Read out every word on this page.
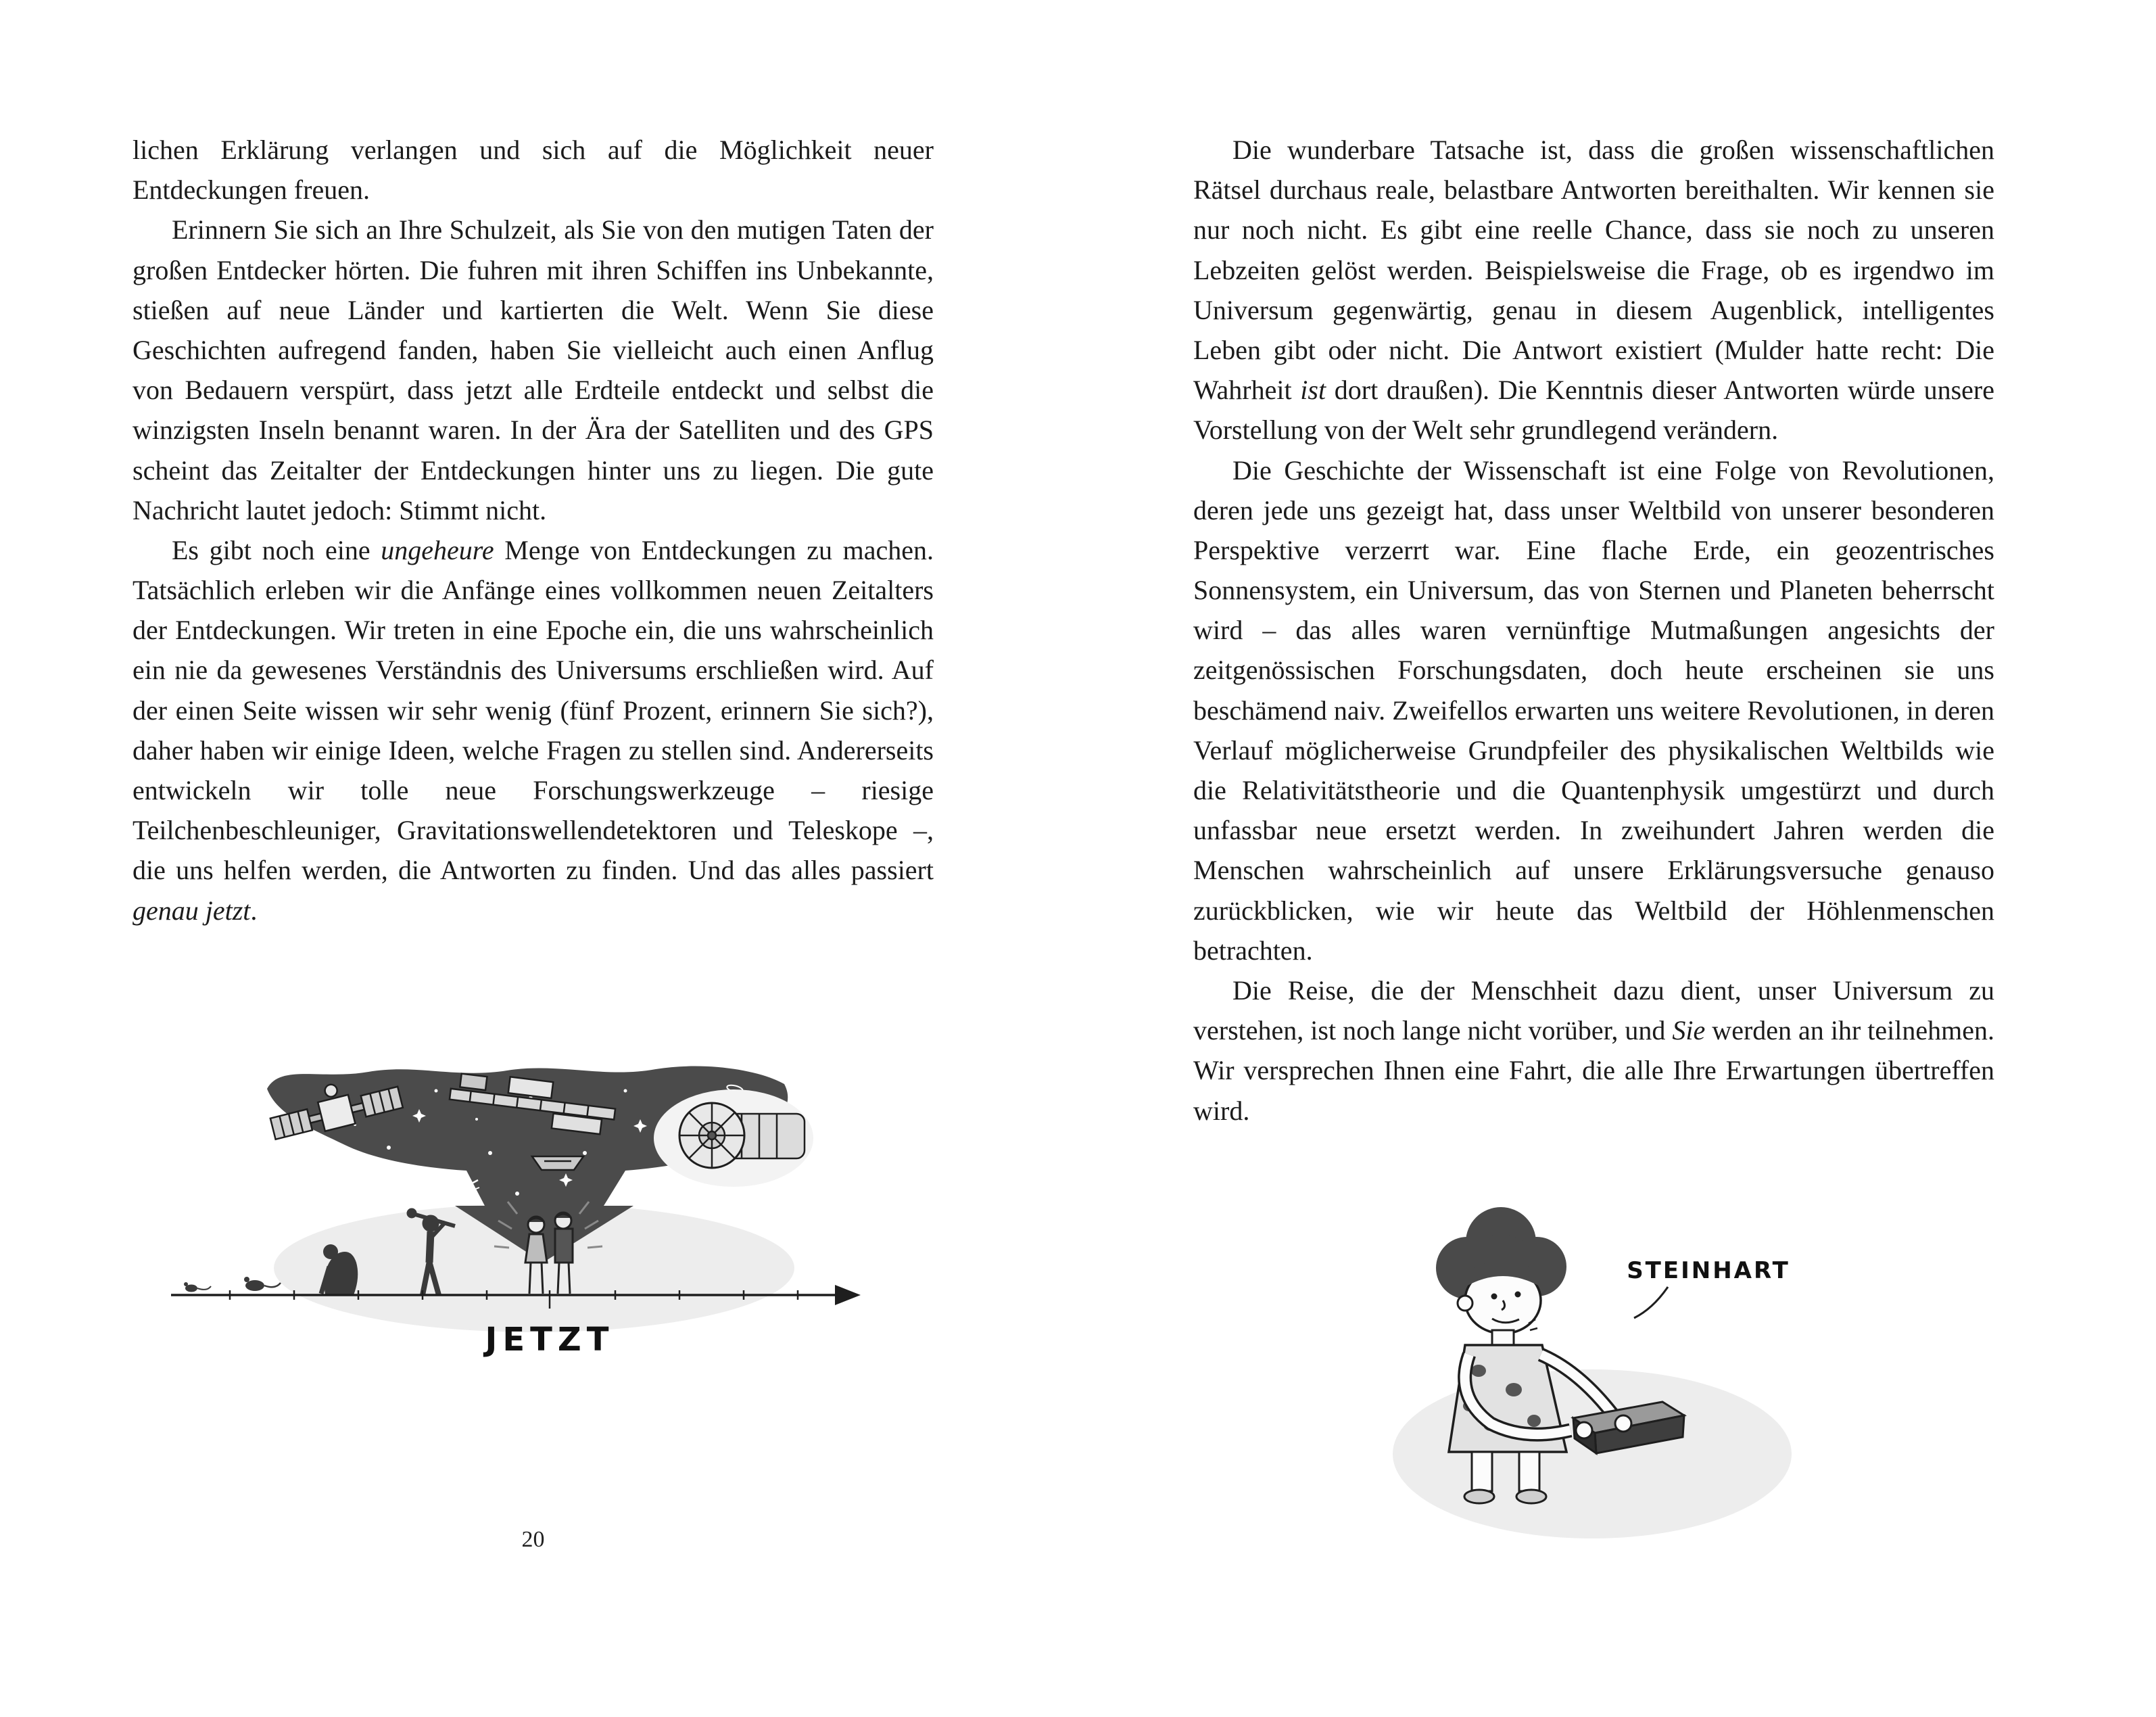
lichen Erklärung verlangen und sich auf die Möglichkeit neuer Entdeckungen freuen.

Erinnern Sie sich an Ihre Schulzeit, als Sie von den mutigen Taten der großen Entdecker hörten. Die fuhren mit ihren Schiffen ins Unbekannte, stießen auf neue Länder und kartierten die Welt. Wenn Sie diese Geschichten aufregend fanden, haben Sie vielleicht auch einen Anflug von Bedauern verspürt, dass jetzt alle Erdteile entdeckt und selbst die winzigsten Inseln benannt waren. In der Ära der Satelliten und des GPS scheint das Zeitalter der Entdeckungen hinter uns zu liegen. Die gute Nachricht lautet jedoch: Stimmt nicht.

Es gibt noch eine ungeheure Menge von Entdeckungen zu machen. Tatsächlich erleben wir die Anfänge eines vollkommen neuen Zeitalters der Entdeckungen. Wir treten in eine Epoche ein, die uns wahrscheinlich ein nie da gewesenes Verständnis des Universums erschließen wird. Auf der einen Seite wissen wir sehr wenig (fünf Prozent, erinnern Sie sich?), daher haben wir einige Ideen, welche Fragen zu stellen sind. Andererseits entwickeln wir tolle neue Forschungswerkzeuge – riesige Teilchenbeschleuniger, Gravitationswellendetektoren und Teleskope –, die uns helfen werden, die Antworten zu finden. Und das alles passiert genau jetzt.

JETZT
20

Die wunderbare Tatsache ist, dass die großen wissenschaftlichen Rätsel durchaus reale, belastbare Antworten bereithalten. Wir kennen sie nur noch nicht. Es gibt eine reelle Chance, dass sie noch zu unseren Lebzeiten gelöst werden. Beispielsweise die Frage, ob es irgendwo im Universum gegenwärtig, genau in diesem Augenblick, intelligentes Leben gibt oder nicht. Die Antwort existiert (Mulder hatte recht: Die Wahrheit ist dort draußen). Die Kenntnis dieser Antworten würde unsere Vorstellung von der Welt sehr grundlegend verändern.

Die Geschichte der Wissenschaft ist eine Folge von Revolutionen, deren jede uns gezeigt hat, dass unser Weltbild von unserer besonderen Perspektive verzerrt war. Eine flache Erde, ein geozentrisches Sonnensystem, ein Universum, das von Sternen und Planeten beherrscht wird – das alles waren vernünftige Mutmaßungen angesichts der zeitgenössischen Forschungsdaten, doch heute erscheinen sie uns beschämend naiv. Zweifellos erwarten uns weitere Revolutionen, in deren Verlauf möglicherweise Grundpfeiler des physikalischen Weltbilds wie die Relativitätstheorie und die Quantenphysik umgestürzt und durch unfassbar neue ersetzt werden. In zweihundert Jahren werden die Menschen wahrscheinlich auf unsere Erklärungsversuche genauso zurückblicken, wie wir heute das Weltbild der Höhlenmenschen betrachten.

Die Reise, die der Menschheit dazu dient, unser Universum zu verstehen, ist noch lange nicht vorüber, und Sie werden an ihr teilnehmen. Wir versprechen Ihnen eine Fahrt, die alle Ihre Erwartungen übertreffen wird.

STEINHART
